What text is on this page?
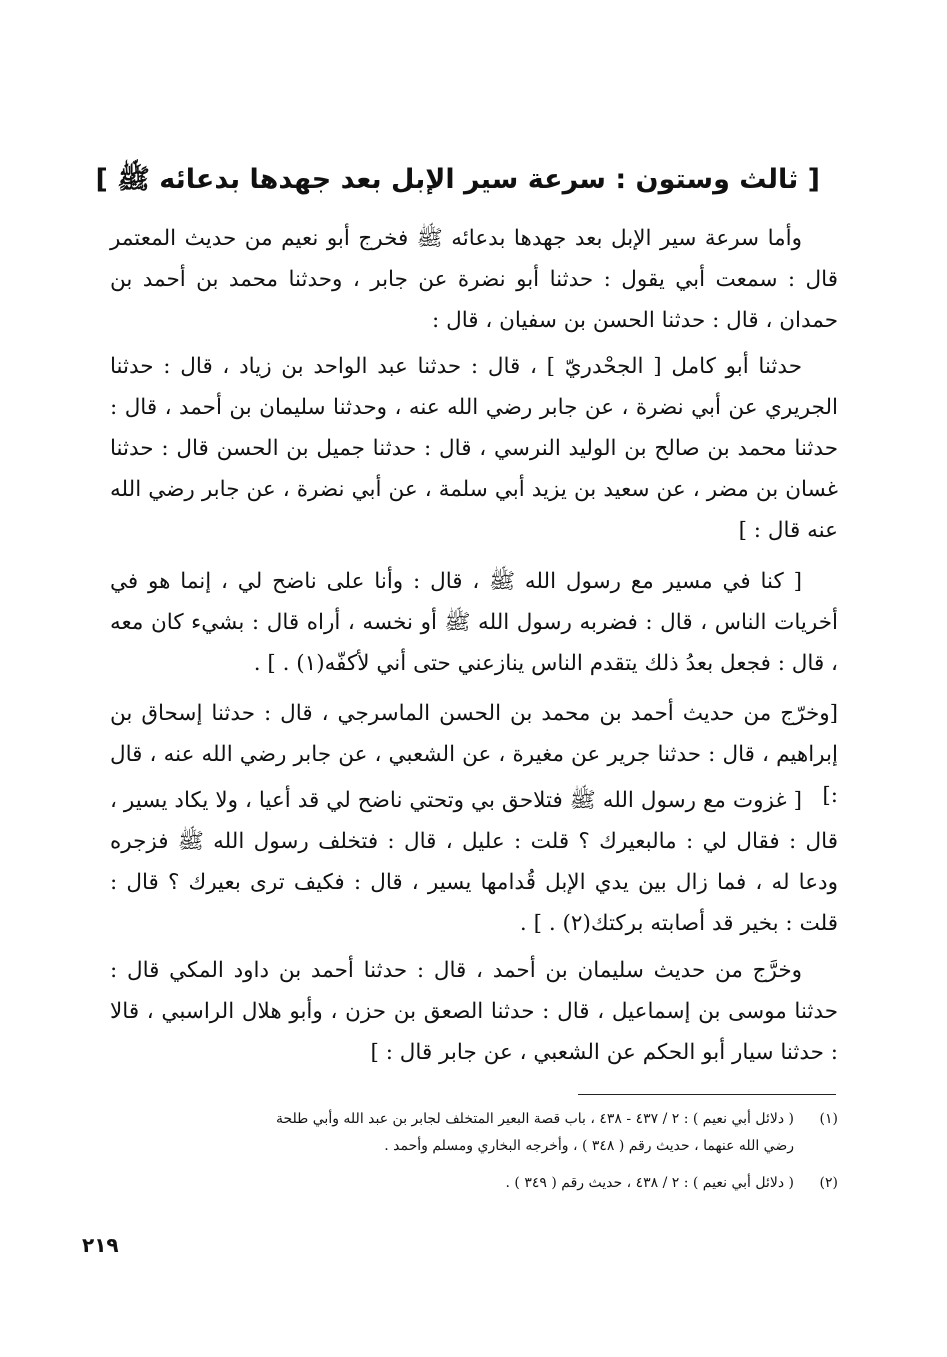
[ ثالث وستون : سرعة سير الإبل بعد جهدها بدعائه ﷺ ]
وأما سرعة سير الإبل بعد جهدها بدعائه ﷺ فخرج أبو نعيم من حديث المعتمر قال : سمعت أبي يقول : حدثنا أبو نضرة عن جابر ، وحدثنا محمد بن أحمد بن حمدان ، قال : حدثنا الحسن بن سفيان ، قال :
حدثنا أبو كامل [ الجحْدريّ ] ، قال : حدثنا عبد الواحد بن زياد ، قال : حدثنا الجريري عن أبي نضرة ، عن جابر رضي الله عنه ، وحدثنا سليمان بن أحمد ، قال : حدثنا محمد بن صالح بن الوليد النرسي ، قال : حدثنا جميل بن الحسن قال : حدثنا غسان بن مضر ، عن سعيد بن يزيد أبي سلمة ، عن أبي نضرة ، عن جابر رضي الله عنه قال : ]
[ كنا في مسير مع رسول الله ﷺ ، قال : وأنا على ناضح لي ، إنما هو في أخريات الناس ، قال : فضربه رسول الله ﷺ أو نخسه ، أراه قال : بشيء كان معه ، قال : فجعل بعدُ ذلك يتقدم الناس ينازعني حتى أني لأكفّه(١) . ] .
[وخرّج من حديث أحمد بن محمد بن الحسن الماسرجي ، قال : حدثنا إسحاق بن إبراهيم ، قال : حدثنا جرير عن مغيرة ، عن الشعبي ، عن جابر رضي الله عنه ، قال :]
[ غزوت مع رسول الله ﷺ فتلاحق بي وتحتي ناضح لي قد أعيا ، ولا يكاد يسير ، قال : فقال لي : مالبعيرك ؟ قلت : عليل ، قال : فتخلف رسول الله ﷺ فزجره ودعا له ، فما زال بين يدي الإبل قُدامها يسير ، قال : فكيف ترى بعيرك ؟ قال : قلت : بخير قد أصابته بركتك(٢) . ] .
وخرَّج من حديث سليمان بن أحمد ، قال : حدثنا أحمد بن داود المكي قال : حدثنا موسى بن إسماعيل ، قال : حدثنا الصعق بن حزن ، وأبو هلال الراسبي ، قالا : حدثنا سيار أبو الحكم عن الشعبي ، عن جابر قال : ]
(١)( دلائل أبي نعيم ) : ٢ / ٤٣٧ - ٤٣٨ ، باب قصة البعير المتخلف لجابر بن عبد الله وأبي طلحة
رضي الله عنهما ، حديث رقم ( ٣٤٨ ) ، وأخرجه البخاري ومسلم وأحمد .
(٢)( دلائل أبي نعيم ) : ٢ / ٤٣٨ ، حديث رقم ( ٣٤٩ ) .
٢١٩
